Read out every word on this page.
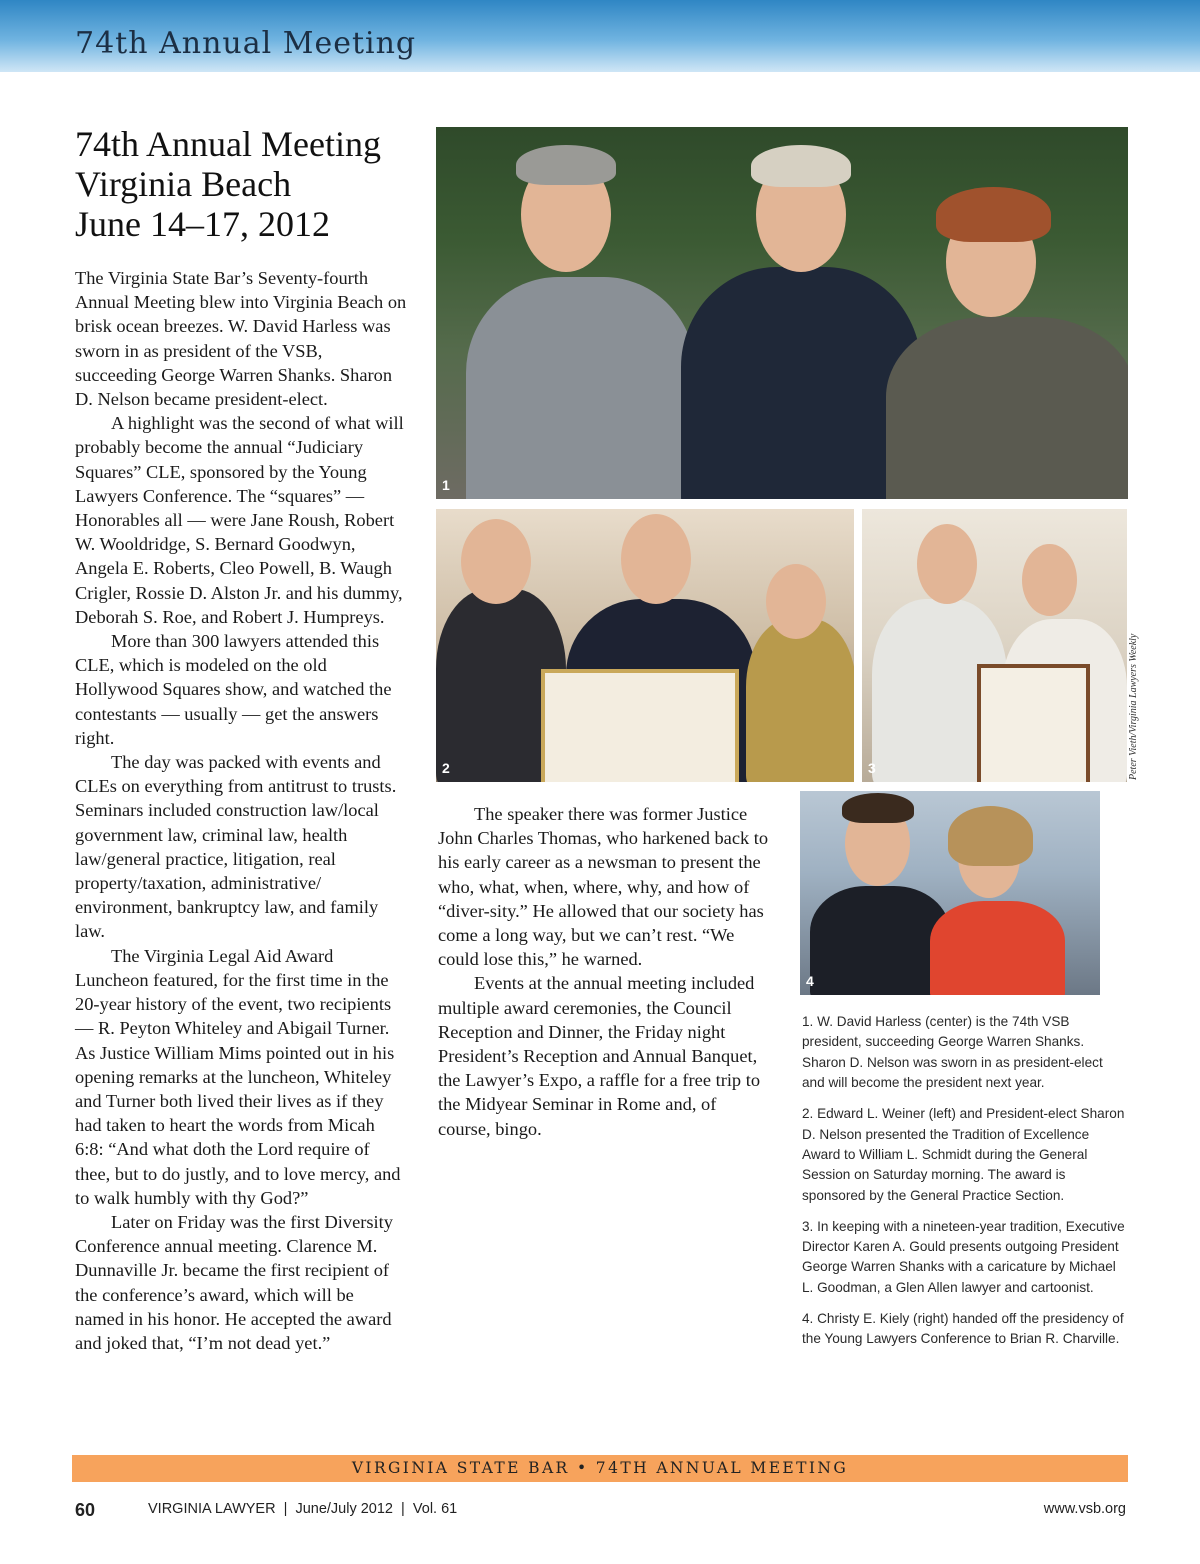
74th Annual Meeting
74th Annual Meeting
Virginia Beach
June 14–17, 2012

The Virginia State Bar’s Seventy-fourth Annual Meeting blew into Virginia Beach on brisk ocean breezes. W. David Harless was sworn in as president of the VSB, succeeding George Warren Shanks. Sharon D. Nelson became president-elect.

A highlight was the second of what will probably become the annual “Judiciary Squares” CLE, sponsored by the Young Lawyers Conference. The “squares” — Honorables all — were Jane Roush, Robert W. Wooldridge, S. Bernard Goodwyn, Angela E. Roberts, Cleo Powell, B. Waugh Crigler, Rossie D. Alston Jr. and his dummy, Deborah S. Roe, and Robert J. Humpreys.

More than 300 lawyers attended this CLE, which is modeled on the old Hollywood Squares show, and watched the contestants — usually — get the answers right.

The day was packed with events and CLEs on everything from antitrust to trusts. Seminars included construction law/local government law, criminal law, health law/general practice, litigation, real property/taxation, administrative/ environment, bankruptcy law, and family law.

The Virginia Legal Aid Award Luncheon featured, for the first time in the 20-year history of the event, two recipients — R. Peyton Whiteley and Abigail Turner. As Justice William Mims pointed out in his opening remarks at the luncheon, Whiteley and Turner both lived their lives as if they had taken to heart the words from Micah 6:8: “And what doth the Lord require of thee, but to do justly, and to love mercy, and to walk humbly with thy God?”

Later on Friday was the first Diversity Conference annual meeting. Clarence M. Dunnaville Jr. became the first recipient of the conference’s award, which will be named in his honor. He accepted the award and joked that, “I’m not dead yet.”

1
2	3	Peter Vieth/Virginia Lawyers Weekly
4

The speaker there was former Justice John Charles Thomas, who harkened back to his early career as a newsman to present the who, what, when, where, why, and how of “diver-sity.” He allowed that our society has come a long way, but we can’t rest. “We could lose this,” he warned.

Events at the annual meeting included multiple award ceremonies, the Council Reception and Dinner, the Friday night President’s Reception and Annual Banquet, the Lawyer’s Expo, a raffle for a free trip to the Midyear Seminar in Rome and, of course, bingo.

1. W. David Harless (center) is the 74th VSB president, succeeding George Warren Shanks. Sharon D. Nelson was sworn in as president-elect and will become the president next year.

2. Edward L. Weiner (left) and President-elect Sharon D. Nelson presented the Tradition of Excellence Award to William L. Schmidt during the General Session on Saturday morning. The award is sponsored by the General Practice Section.

3. In keeping with a nineteen-year tradition, Executive Director Karen A. Gould presents outgoing President George Warren Shanks with a caricature by Michael L. Goodman, a Glen Allen lawyer and cartoonist.

4. Christy E. Kiely (right) handed off the presidency of the Young Lawyers Conference to Brian R. Charville.

VIRGINIA STATE BAR • 74TH ANNUAL MEETING
60	VIRGINIA LAWYER  |  June/July 2012  |  Vol. 61	www.vsb.org
